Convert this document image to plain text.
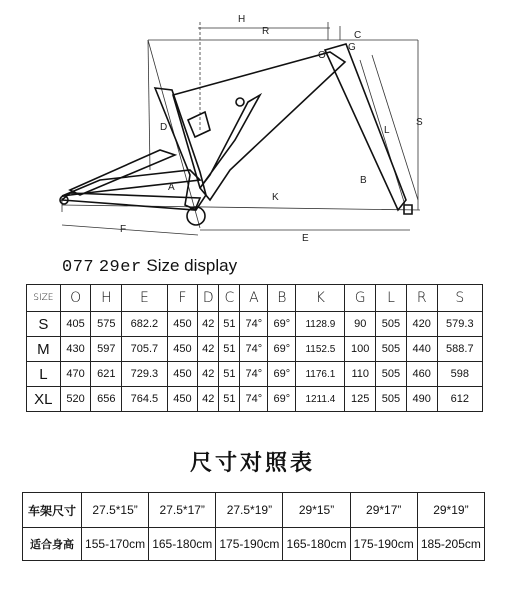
H
R
O
G
C
S
L
D
A
B
K
F
E
077 29er Size display
SIZE	O	H	E	F	D	C	A	B	K	G	L	R	S
S	405	575	682.2	450	42	51	74°	69°	1128.9	90	505	420	579.3
M	430	597	705.7	450	42	51	74°	69°	1152.5	100	505	440	588.7
L	470	621	729.3	450	42	51	74°	69°	1176.1	110	505	460	598
XL	520	656	764.5	450	42	51	74°	69°	1211.4	125	505	490	612
尺寸对照表
车架尺寸	27.5*15”	27.5*17”	27.5*19”	29*15”	29*17”	29*19”
适合身高	155-170cm	165-180cm	175-190cm	165-180cm	175-190cm	185-205cm
